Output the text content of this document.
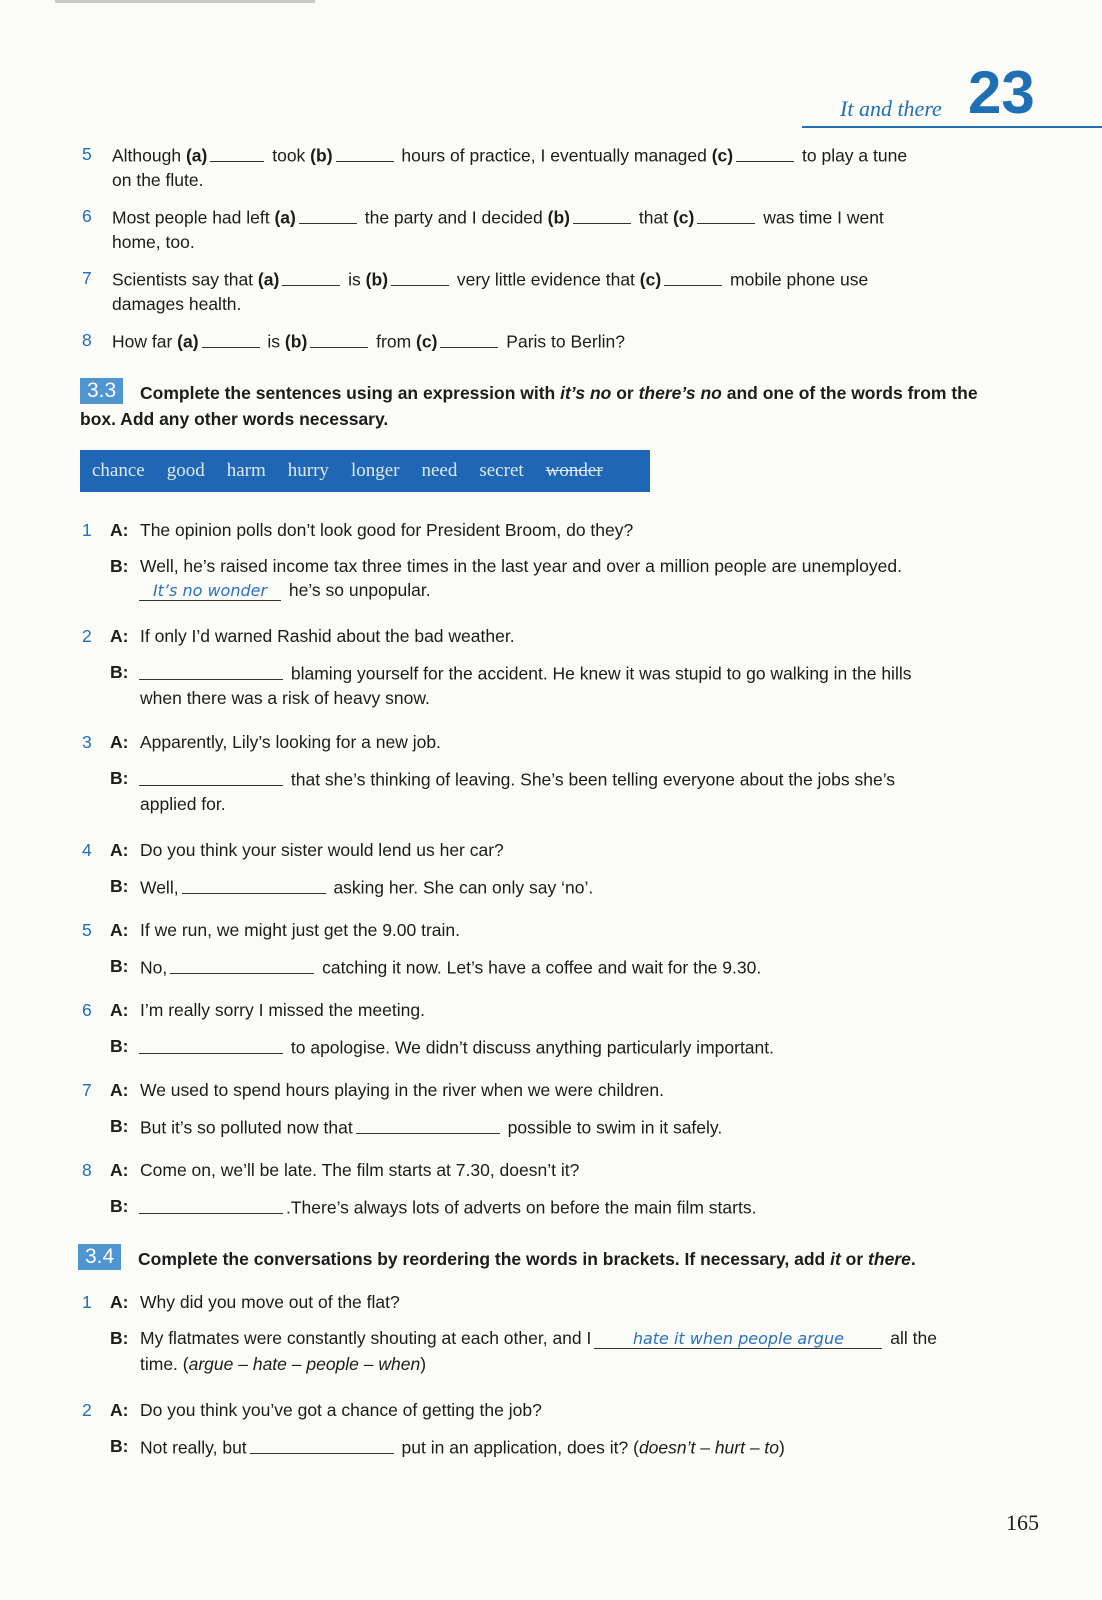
It and there 23
5 Although (a)	took (b)	hours of practice, I eventually managed (c)	to play a tune
on the flute.
6 Most people had left (a)	the party and I decided (b)	that (c)	was time I went
home, too.
7 Scientists say that (a)	is (b)	very little evidence that (c)	mobile phone use
damages health.
8 How far (a)	is (b)	from (c)	Paris to Berlin?
3.3	Complete the sentences using an expression with it’s no or there’s no and one of the words from the
box. Add any other words necessary.
chance good harm hurry longer need secret wonder
1 A: The opinion polls don’t look good for President Broom, do they?
B: Well, he’s raised income tax three times in the last year and over a million people are unemployed.
It’s no wonder he’s so unpopular.
2 A: If only I’d warned Rashid about the bad weather.
B:	blaming yourself for the accident. He knew it was stupid to go walking in the hills
when there was a risk of heavy snow.
3 A: Apparently, Lily’s looking for a new job.
B:	that she’s thinking of leaving. She’s been telling everyone about the jobs she’s
applied for.
4 A: Do you think your sister would lend us her car?
B: Well,	asking her. She can only say ‘no’.
5 A: If we run, we might just get the 9.00 train.
B: No,	catching it now. Let’s have a coffee and wait for the 9.30.
6 A: I’m really sorry I missed the meeting.
B:	to apologise. We didn’t discuss anything particularly important.
7 A: We used to spend hours playing in the river when we were children.
B: But it’s so polluted now that	possible to swim in it safely.
8 A: Come on, we’ll be late. The film starts at 7.30, doesn’t it?
B:	.There’s always lots of adverts on before the main film starts.
3.4	Complete the conversations by reordering the words in brackets. If necessary, add it or there.
1 A: Why did you move out of the flat?
B: My flatmates were constantly shouting at each other, and I	hate it when people argue	all the
time. (argue – hate – people – when)
2 A: Do you think you’ve got a chance of getting the job?
B: Not really, but	put in an application, does it? (doesn’t – hurt – to)
165
